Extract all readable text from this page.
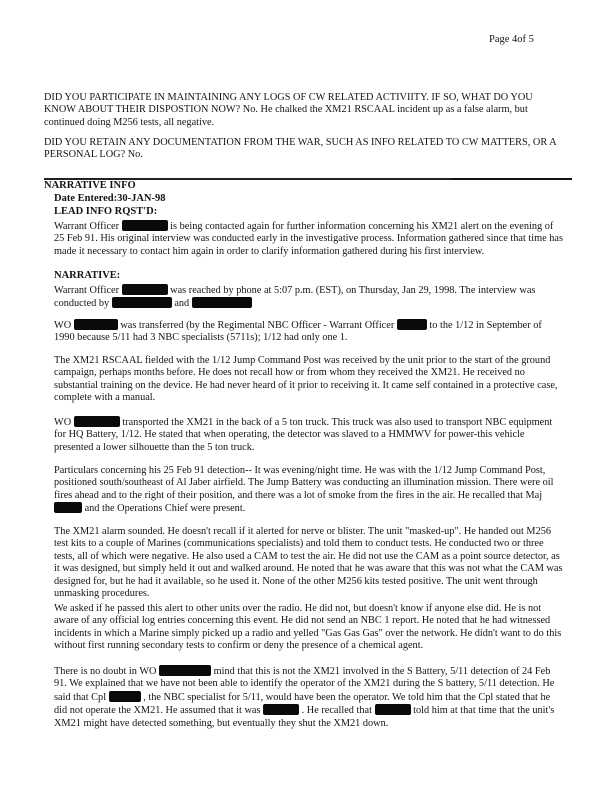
Page 4of 5
DID YOU PARTICIPATE IN MAINTAINING ANY LOGS OF CW RELATED ACTIVIITY. IF SO, WHAT DO YOU KNOW ABOUT THEIR DISPOSTION NOW? No. He chalked the XM21 RSCAAL incident up as a false alarm, but continued doing M256 tests, all negative.
DID YOU RETAIN ANY DOCUMENTATION FROM THE WAR, SUCH AS INFO RELATED TO CW MATTERS, OR A PERSONAL LOG? No.
NARRATIVE INFO
Date Entered:30-JAN-98
LEAD INFO RQST'D:
Warrant Officer	is being contacted again for further information concerning his XM21 alert on the evening of 25 Feb 91. His original interview was conducted early in the investigative process. Information gathered since that time has made it necessary to contact him again in order to clarify information gathered during his first interview.
NARRATIVE:
Warrant Officer	was reached by phone at 5:07 p.m. (EST), on Thursday, Jan 29, 1998. The interview was conducted by	and
WO	was transferred (by the Regimental NBC Officer - Warrant Officer	to the 1/12 in September of 1990 because 5/11 had 3 NBC specialists (5711s); 1/12 had only one 1.
The XM21 RSCAAL fielded with the 1/12 Jump Command Post was received by the unit prior to the start of the ground campaign, perhaps months before. He does not recall how or from whom they received the XM21. He received no substantial training on the device. He had never heard of it prior to receiving it. It came self contained in a protective case, complete with a manual.
WO	transported the XM21 in the back of a 5 ton truck. This truck was also used to transport NBC equipment for HQ Battery, 1/12. He stated that when operating, the detector was slaved to a HMMWV for power-this vehicle presented a lower silhouette than the 5 ton truck.
Particulars concerning his 25 Feb 91 detection-- It was evening/night time. He was with the 1/12 Jump Command Post, positioned south/southeast of Al Jaber airfield. The Jump Battery was conducting an illumination mission. There were oil fires ahead and to the right of their position, and there was a lot of smoke from the fires in the air. He recalled that Maj  and the Operations Chief were present.
The XM21 alarm sounded. He doesn't recall if it alerted for nerve or blister. The unit "masked-up". He handed out M256 test kits to a couple of Marines (communications specialists) and told them to conduct tests. He conducted two or three tests, all of which were negative. He also used a CAM to test the air. He did not use the CAM as a point source detector, as it was designed, but simply held it out and walked around. He noted that he was aware that this was not what the CAM was designed for, but he had it available, so he used it. None of the other M256 kits tested positive. The unit went through unmasking procedures.
We asked if he passed this alert to other units over the radio. He did not, but doesn't know if anyone else did. He is not aware of any official log entries concerning this event. He did not send an NBC 1 report. He noted that he had witnessed incidents in which a Marine simply picked up a radio and yelled "Gas Gas Gas" over the network. He didn't want to do this without first running secondary tests to confirm or deny the presence of a chemical agent.
There is no doubt in WO	mind that this is not the XM21 involved in the S Battery, 5/11 detection of 24 Feb 91. We explained that we have not been able to identify the operator of the XM21 during the S battery, 5/11 detection. He said that Cpl	, the NBC specialist for 5/11, would have been the operator. We told him that the Cpl stated that he did not operate the XM21. He assumed that it was	. He recalled that	told him at that time that the unit's XM21 might have detected something, but eventually they shut the XM21 down.
